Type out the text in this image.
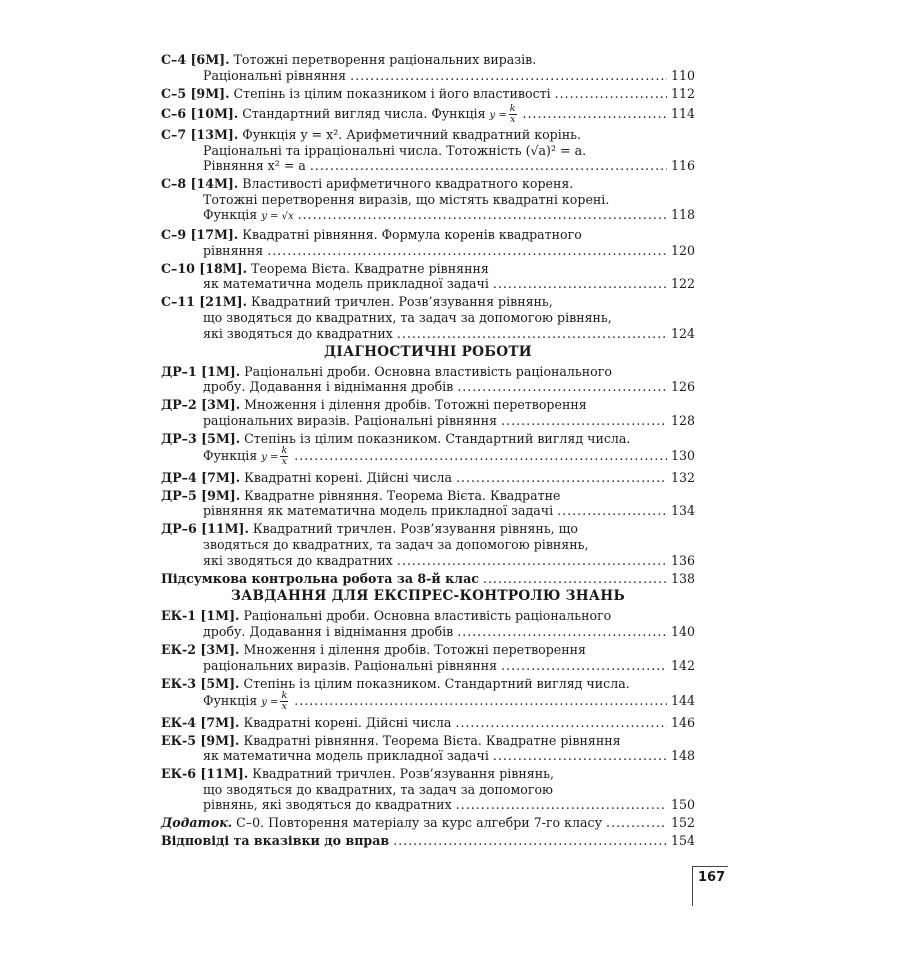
С–4 [6М]. Тотожні перетворення раціональних виразів.
Раціональні рівняння .....	110
С–5 [9М]. Степінь із цілим показником і його властивості .....	112
С–6 [10М]. Стандартний вигляд числа. Функція $y = \frac{k}{x}$ .....	114
С–7 [13М]. Функція y = x². Арифметичний квадратний корінь.
Раціональні та ірраціональні числа. Тотожність (√a)² = a.
Рівняння x² = a .....	116
С–8 [14М]. Властивості арифметичного квадратного кореня.
Тотожні перетворення виразів, що містять квадратні корені.
Функція y = √x .....	118
С–9 [17М]. Квадратні рівняння. Формула коренів квадратного
рівняння .....	120
С–10 [18М]. Теорема Вієта. Квадратне рівняння
як математична модель прикладної задачі .....	122
С–11 [21М]. Квадратний тричлен. Розв’язування рівнянь,
що зводяться до квадратних, та задач за допомогою рівнянь,
які зводяться до квадратних .....	124
ДІАГНОСТИЧНІ РОБОТИ
ДР–1 [1М]. Раціональні дроби. Основна властивість раціонального
дробу. Додавання і віднімання дробів .....	126
ДР–2 [3М]. Множення і ділення дробів. Тотожні перетворення
раціональних виразів. Раціональні рівняння .....	128
ДР–3 [5М]. Степінь із цілим показником. Стандартний вигляд числа.
Функція $y = \frac{k}{x}$ .....	130
ДР–4 [7М]. Квадратні корені. Дійсні числа .....	132
ДР–5 [9М]. Квадратне рівняння. Теорема Вієта. Квадратне
рівняння як математична модель прикладної задачі .....	134
ДР–6 [11М]. Квадратний тричлен. Розв’язування рівнянь, що
зводяться до квадратних, та задач за допомогою рівнянь,
які зводяться до квадратних .....	136
Підсумкова контрольна робота за 8-й клас .....	138
ЗАВДАННЯ ДЛЯ ЕКСПРЕС-КОНТРОЛЮ ЗНАНЬ
ЕК-1 [1М]. Раціональні дроби. Основна властивість раціонального
дробу. Додавання і віднімання дробів .....	140
ЕК-2 [3М]. Множення і ділення дробів. Тотожні перетворення
раціональних виразів. Раціональні рівняння .....	142
ЕК-3 [5М]. Степінь із цілим показником. Стандартний вигляд числа.
Функція $y = \frac{k}{x}$ .....	144
ЕК-4 [7М]. Квадратні корені. Дійсні числа .....	146
ЕК-5 [9М]. Квадратні рівняння. Теорема Вієта. Квадратне рівняння
як математична модель прикладної задачі .....	148
ЕК-6 [11М]. Квадратний тричлен. Розв’язування рівнянь,
що зводяться до квадратних, та задач за допомогою
рівнянь, які зводяться до квадратних .....	150
Додаток. С–0. Повторення матеріалу за курс алгебри 7-го класу .....	152
Відповіді та вказівки до вправ .....	154
167
